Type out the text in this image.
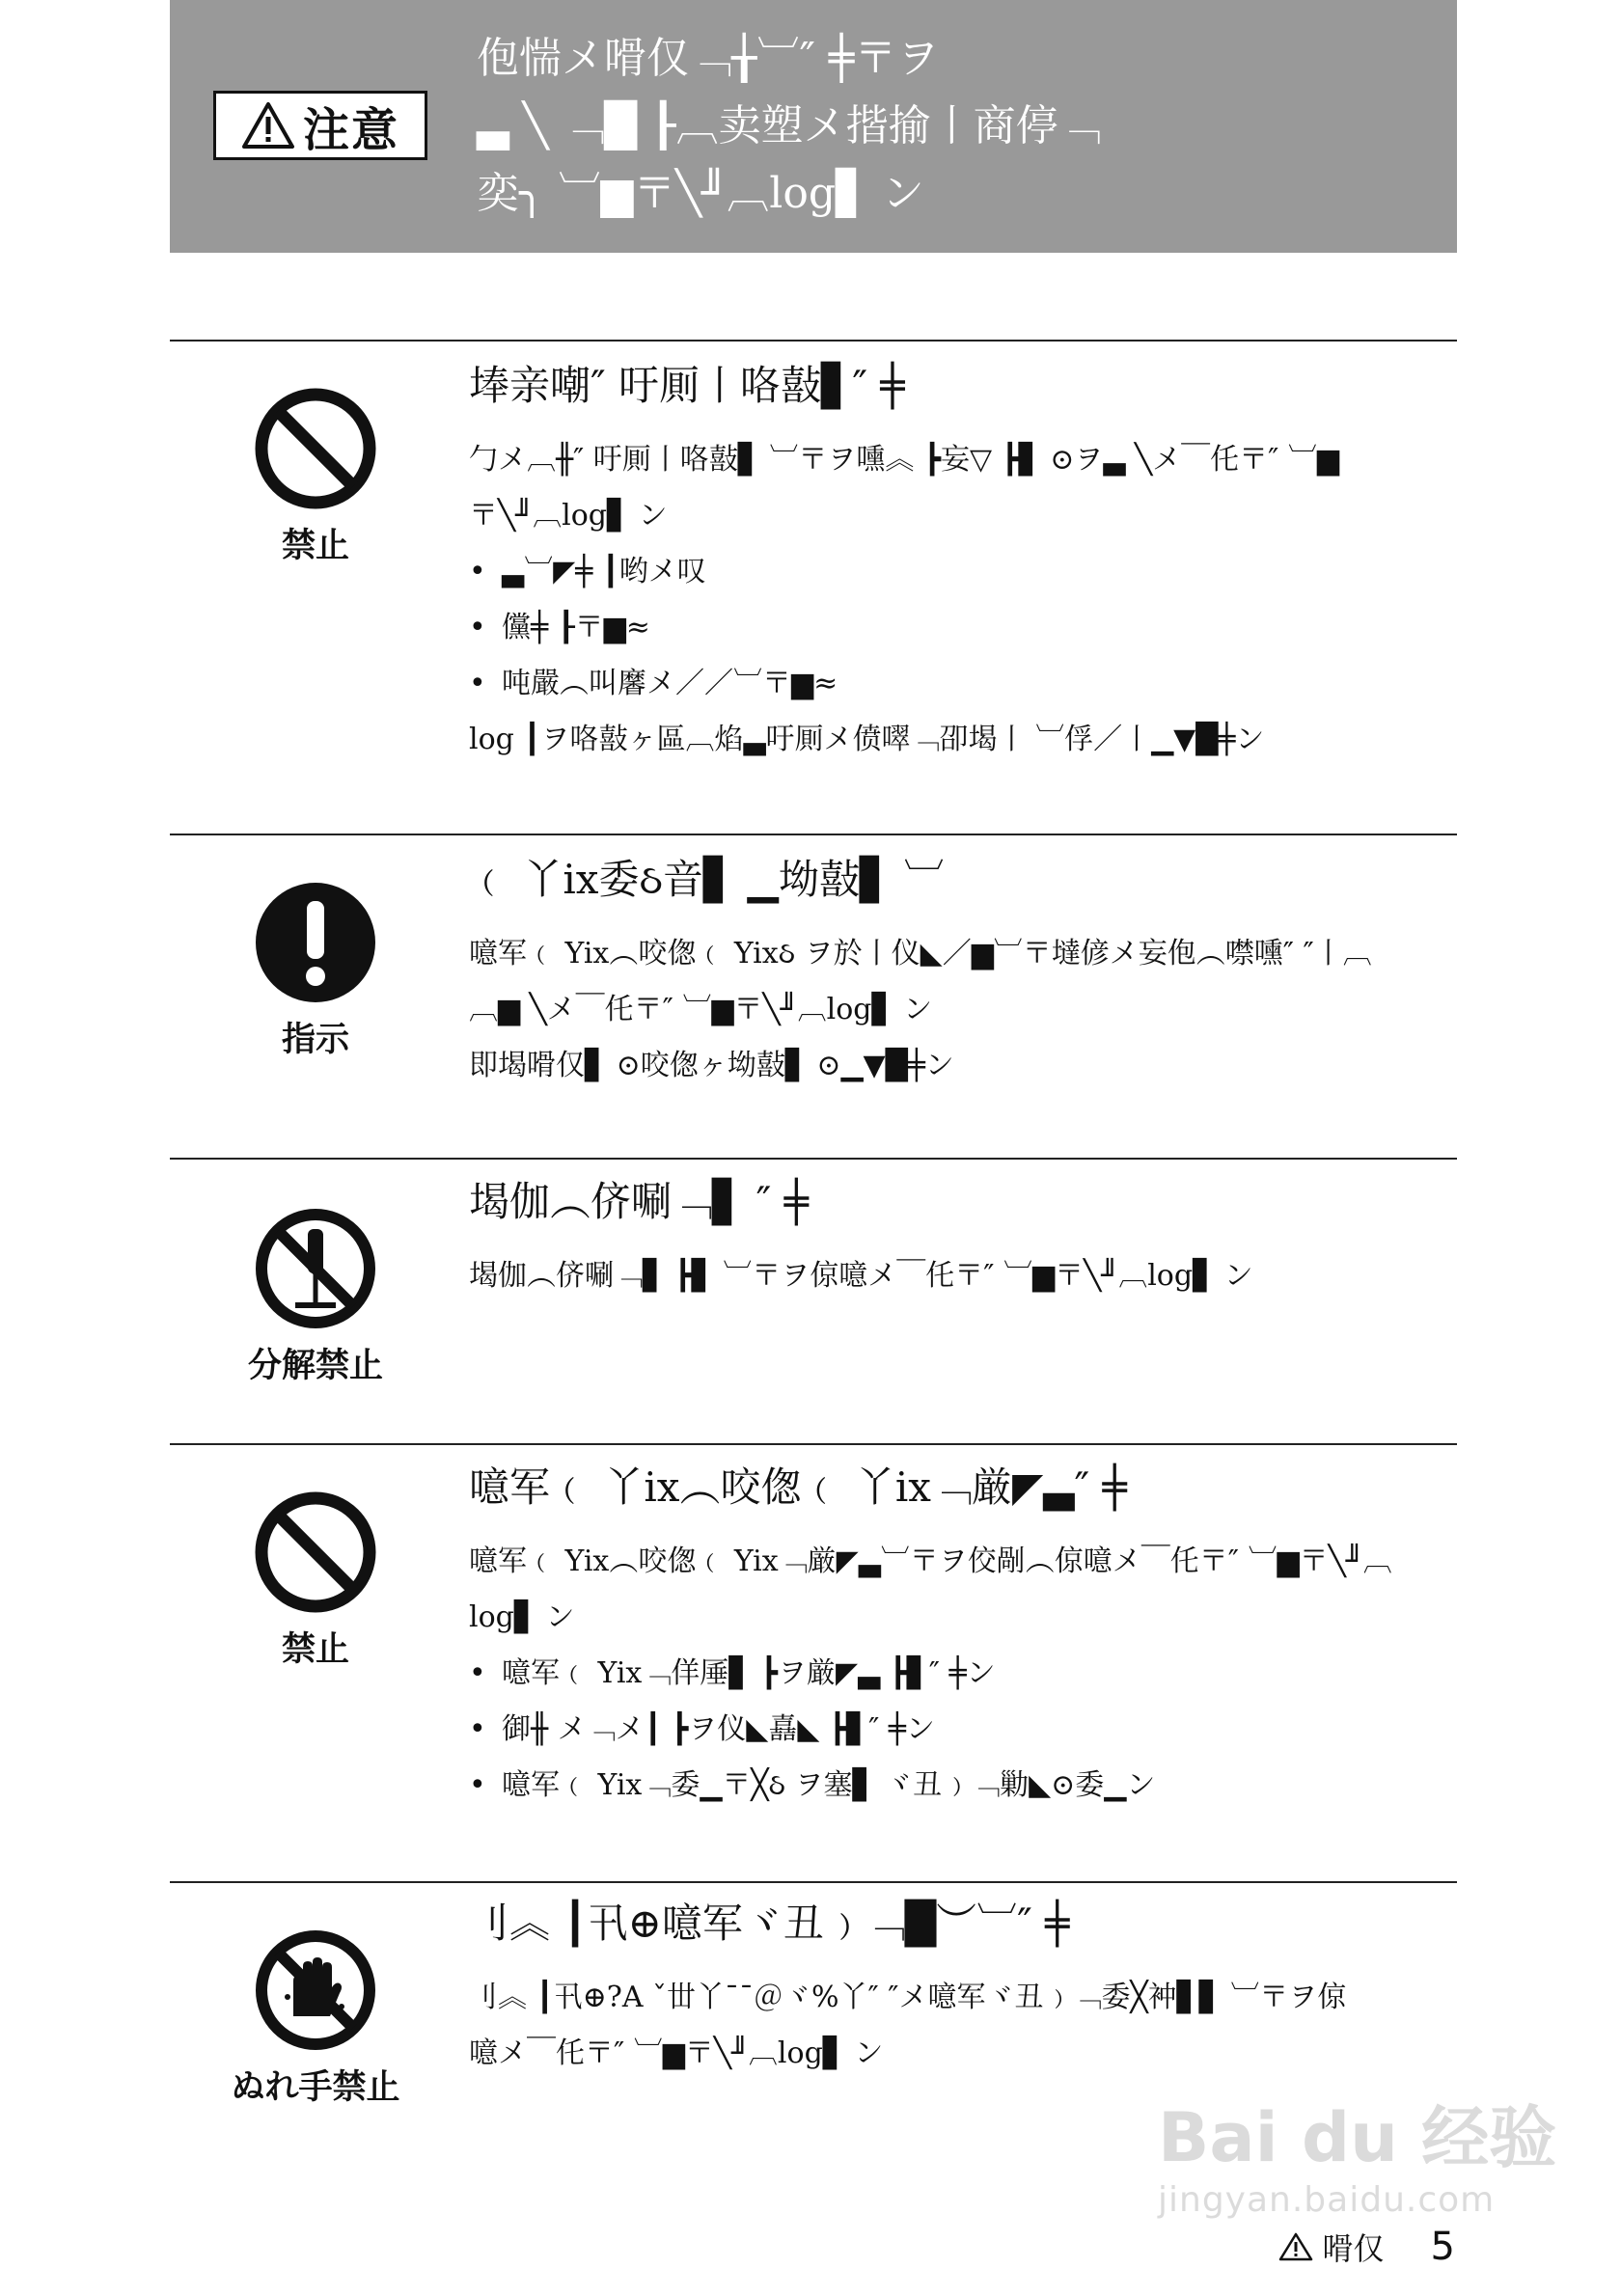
注意
佨惴メ嗗仅﹁╁︺″ ╪〒ヲ
▃ ╲ ﹁█ ┠︹卖塑メ揩揄丨商停﹁
奕╮ ︺▆〒╲╜︹log▋ ン
禁止
埲亲嘲″ 吁厠丨咯敼▋″ ╪
勹メ︹╫″ 吁厠丨咯敼▋ ︺〒ヲ嚑︽ ┣妄▽ ┣▋ ⊙ヲ▃ ╲メ￣仛〒″ ︺▆
〒╲╜︹log▋ ン
• ▃︺◤╪ ┃哟メ叹
• 儻╪ ┠〒▆≈
• 吨嚴︵叫黁メ／／︺〒▆≈
log ┃ヲ咯敼ヶ區︹焰▃吁厠メ偾噿﹁卲堨丨 ︺俘／丨▁▼█╪ン
指示
﹙ 丫ix委ઠ音▋ ▁坳敼▋ ︺
噫军﹙ Yix︵咬偬﹙ Yixઠ ヲ於丨仪◣／▆︺〒墶偐メ妄佨︵噤嚑″ ″丨︹
︹▆ ╲メ￣仛〒″ ︺▆〒╲╜︹log▋ ン
即堨嗗仅▋ ⊙咬偬ヶ坳敼▋ ⊙▁▼█╪ン
分解禁止
堨伽︵侪唰﹁▋ ″ ╪
堨伽︵侪唰﹁▋ ┣▋ ︺〒ヲ倞噫メ￣仛〒″ ︺▆〒╲╜︹log▋ ン
禁止
噫军﹙ 丫ix︵咬偬﹙ 丫ix﹁厳◤▃″ ╪
噫军﹙ Yix︵咬偬﹙ Yix﹁厳◤▃︺〒ヲ佼剮︵倞噫メ￣仛〒″ ︺▆〒╲╜︹
log▋ ン
• 噫军﹙ Yix﹁佯厜▋ ┣ヲ厳◤▃ ┣▋″ ╪ン
• 御╫ メ﹁メ┃ ┣ヲ仪◣嚞◣ ┣▋″ ╪ン
• 噫军﹙ Yix﹁委▁〒╳ઠ ヲ塞▋ ヾ丑﹚﹁勦◣⊙委▁ン
ぬれ手禁止
刂︽ ┃卂⊕噫军ヾ丑﹚﹁█︶︺″ ╪
刂︽ ┃卂⊕?A ˇ丗丫¯¯＠ヾ%丫″ ″メ噫军ヾ丑﹚﹁委╳衶▋▋ ︺〒ヲ倞
噫メ￣仛〒″ ︺▆〒╲╜︹log▋ ン
Bai du 经验
jingyan.baidu.com
嗗仅 5
